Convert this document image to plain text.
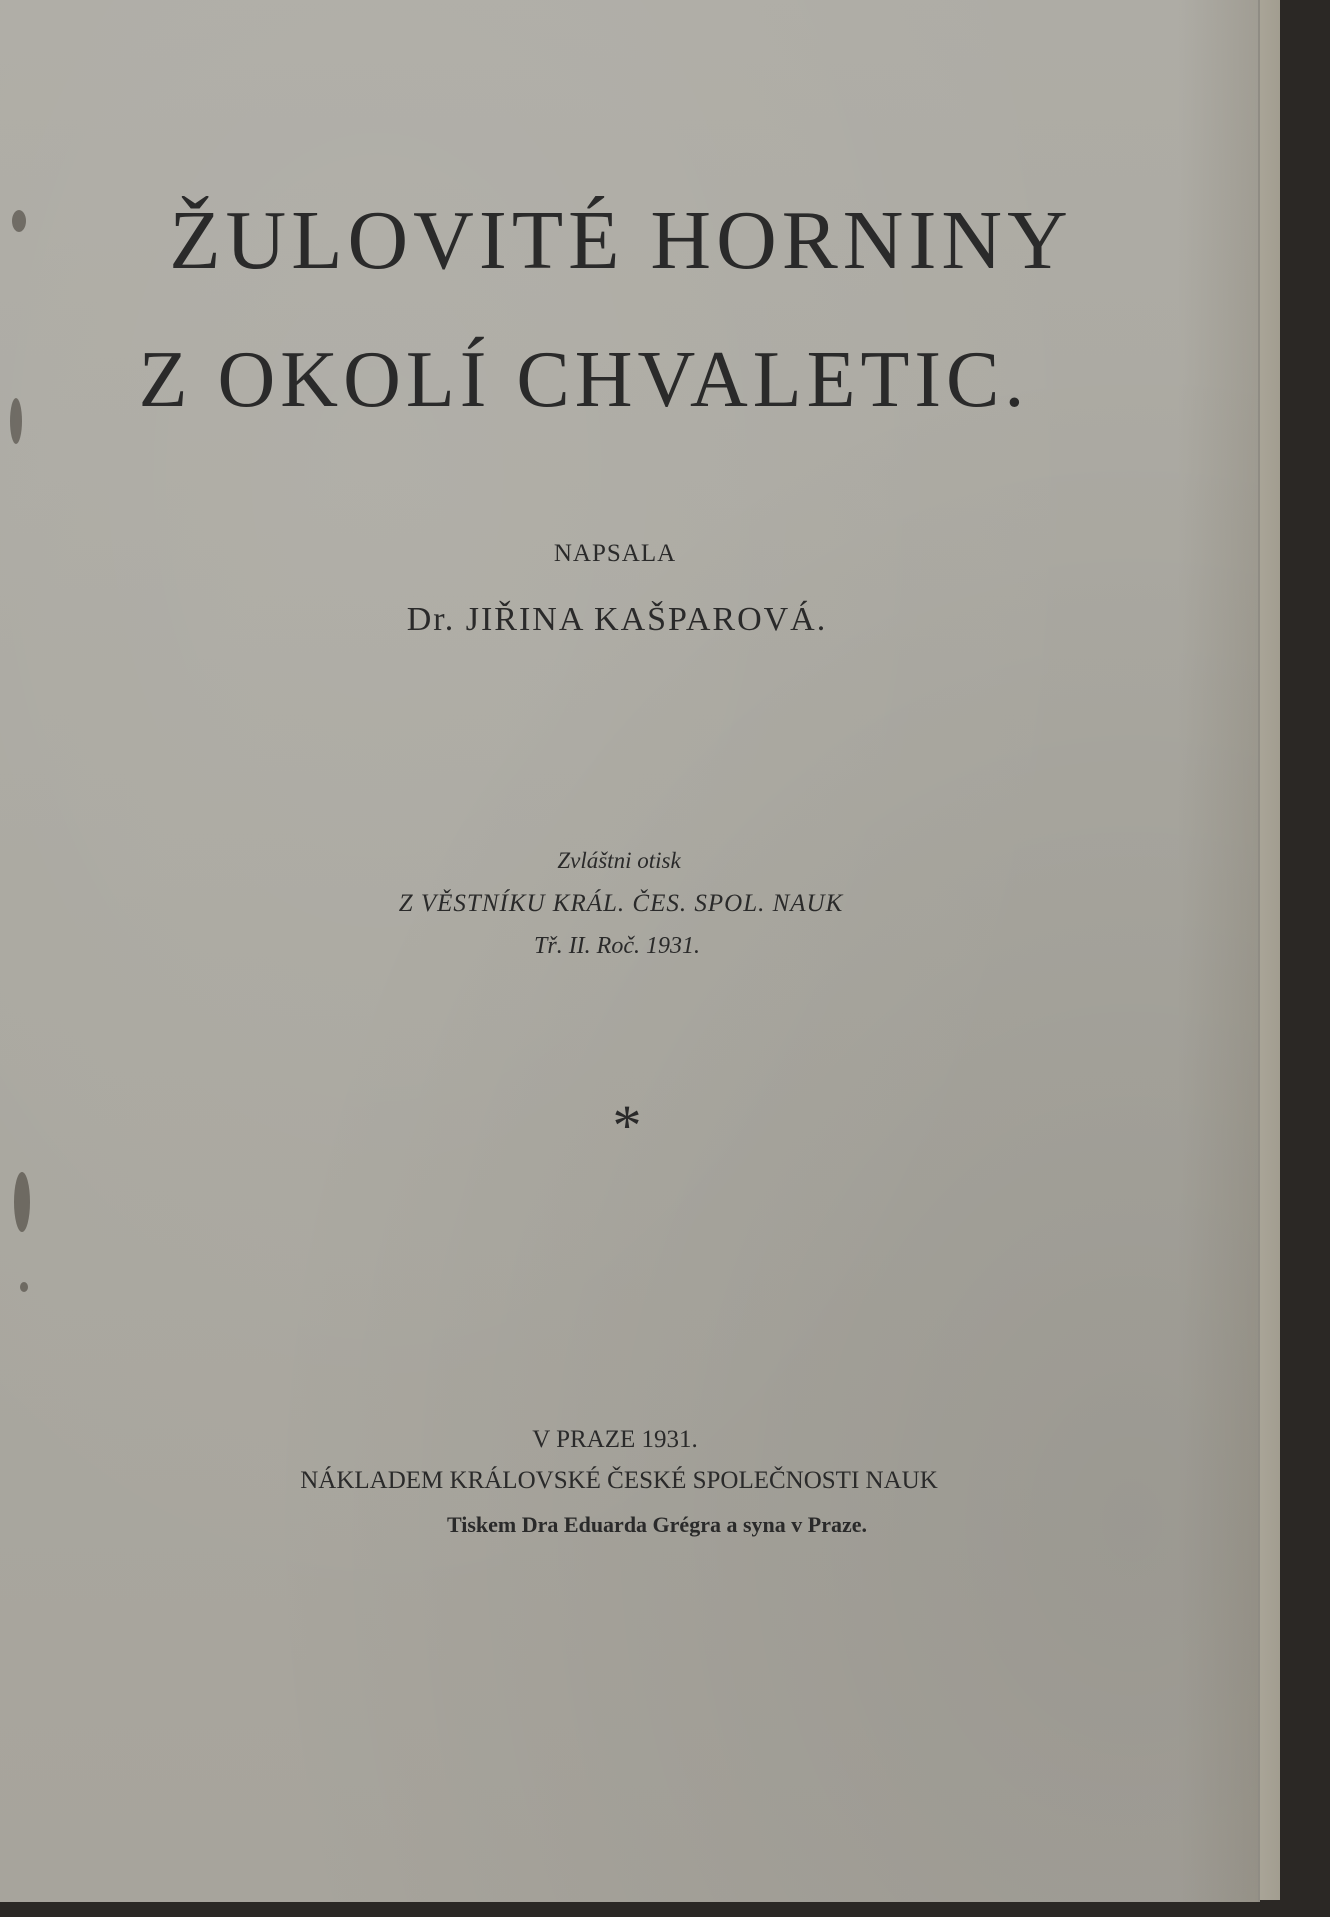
ŽULOVITÉ HORNINY
Z OKOLÍ CHVALETIC.
NAPSALA
Dr. JIŘINA KAŠPAROVÁ.
Zvláštni otisk
Z VĚSTNÍKU KRÁL. ČES. SPOL. NAUK
Tř. II. Roč. 1931.
*
V PRAZE 1931.
NÁKLADEM KRÁLOVSKÉ ČESKÉ SPOLEČNOSTI NAUK
Tiskem Dra Eduarda Grégra a syna v Praze.
